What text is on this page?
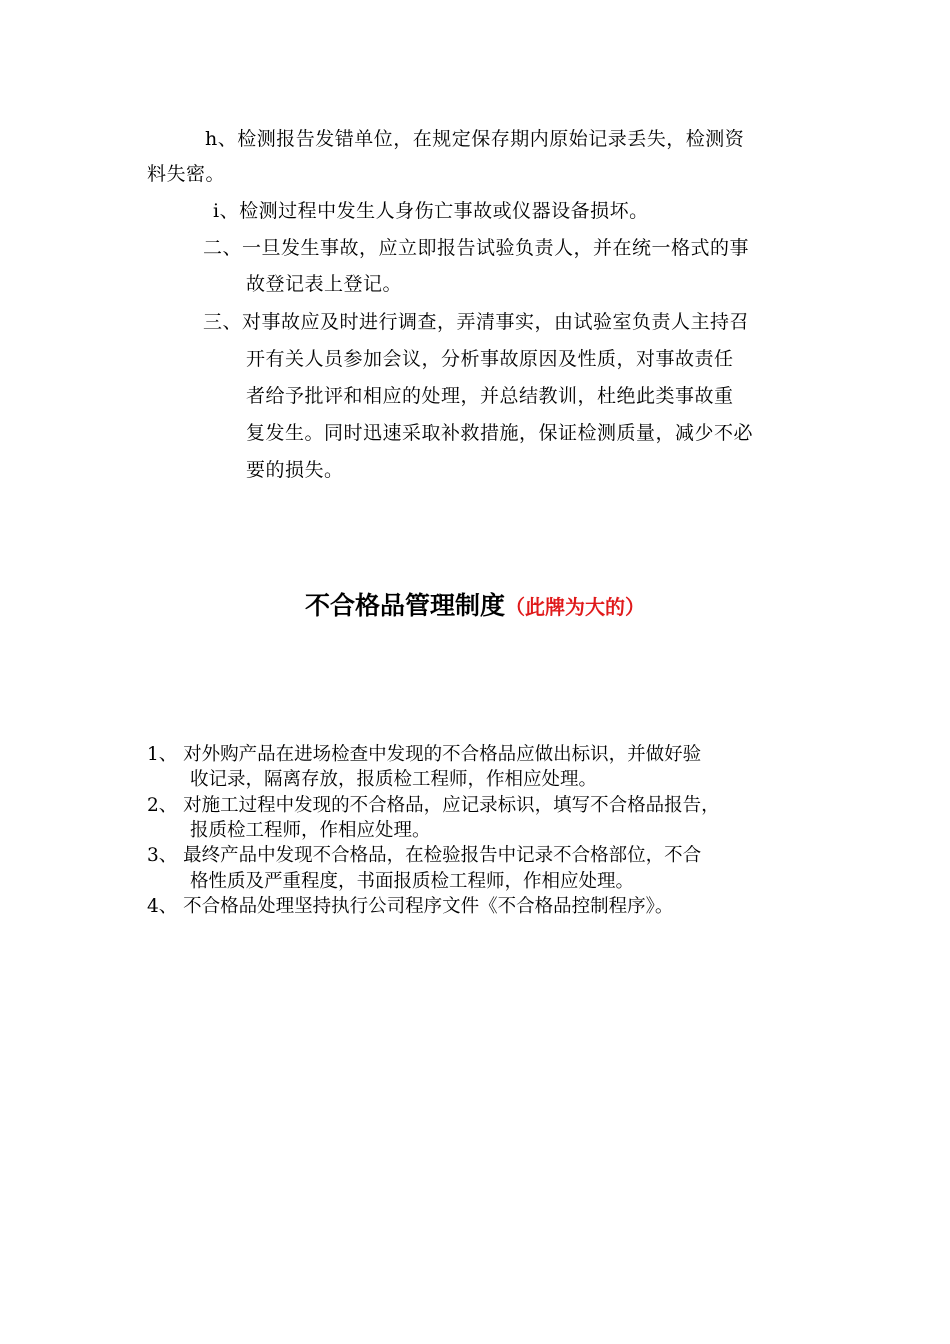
h、检测报告发错单位，在规定保存期内原始记录丢失，检测资
料失密。
i、检测过程中发生人身伤亡事故或仪器设备损坏。
二、一旦发生事故，应立即报告试验负责人，并在统一格式的事
故登记表上登记。
三、对事故应及时进行调查，弄清事实，由试验室负责人主持召
开有关人员参加会议，分析事故原因及性质，对事故责任
者给予批评和相应的处理，并总结教训，杜绝此类事故重
复发生。同时迅速采取补救措施，保证检测质量，减少不必
要的损失。
不合格品管理制度（此牌为大的）
1、 对外购产品在进场检查中发现的不合格品应做出标识，并做好验
收记录，隔离存放，报质检工程师，作相应处理。
2、 对施工过程中发现的不合格品，应记录标识，填写不合格品报告，
报质检工程师，作相应处理。
3、 最终产品中发现不合格品，在检验报告中记录不合格部位，不合
格性质及严重程度，书面报质检工程师，作相应处理。
4、 不合格品处理坚持执行公司程序文件《不合格品控制程序》。
